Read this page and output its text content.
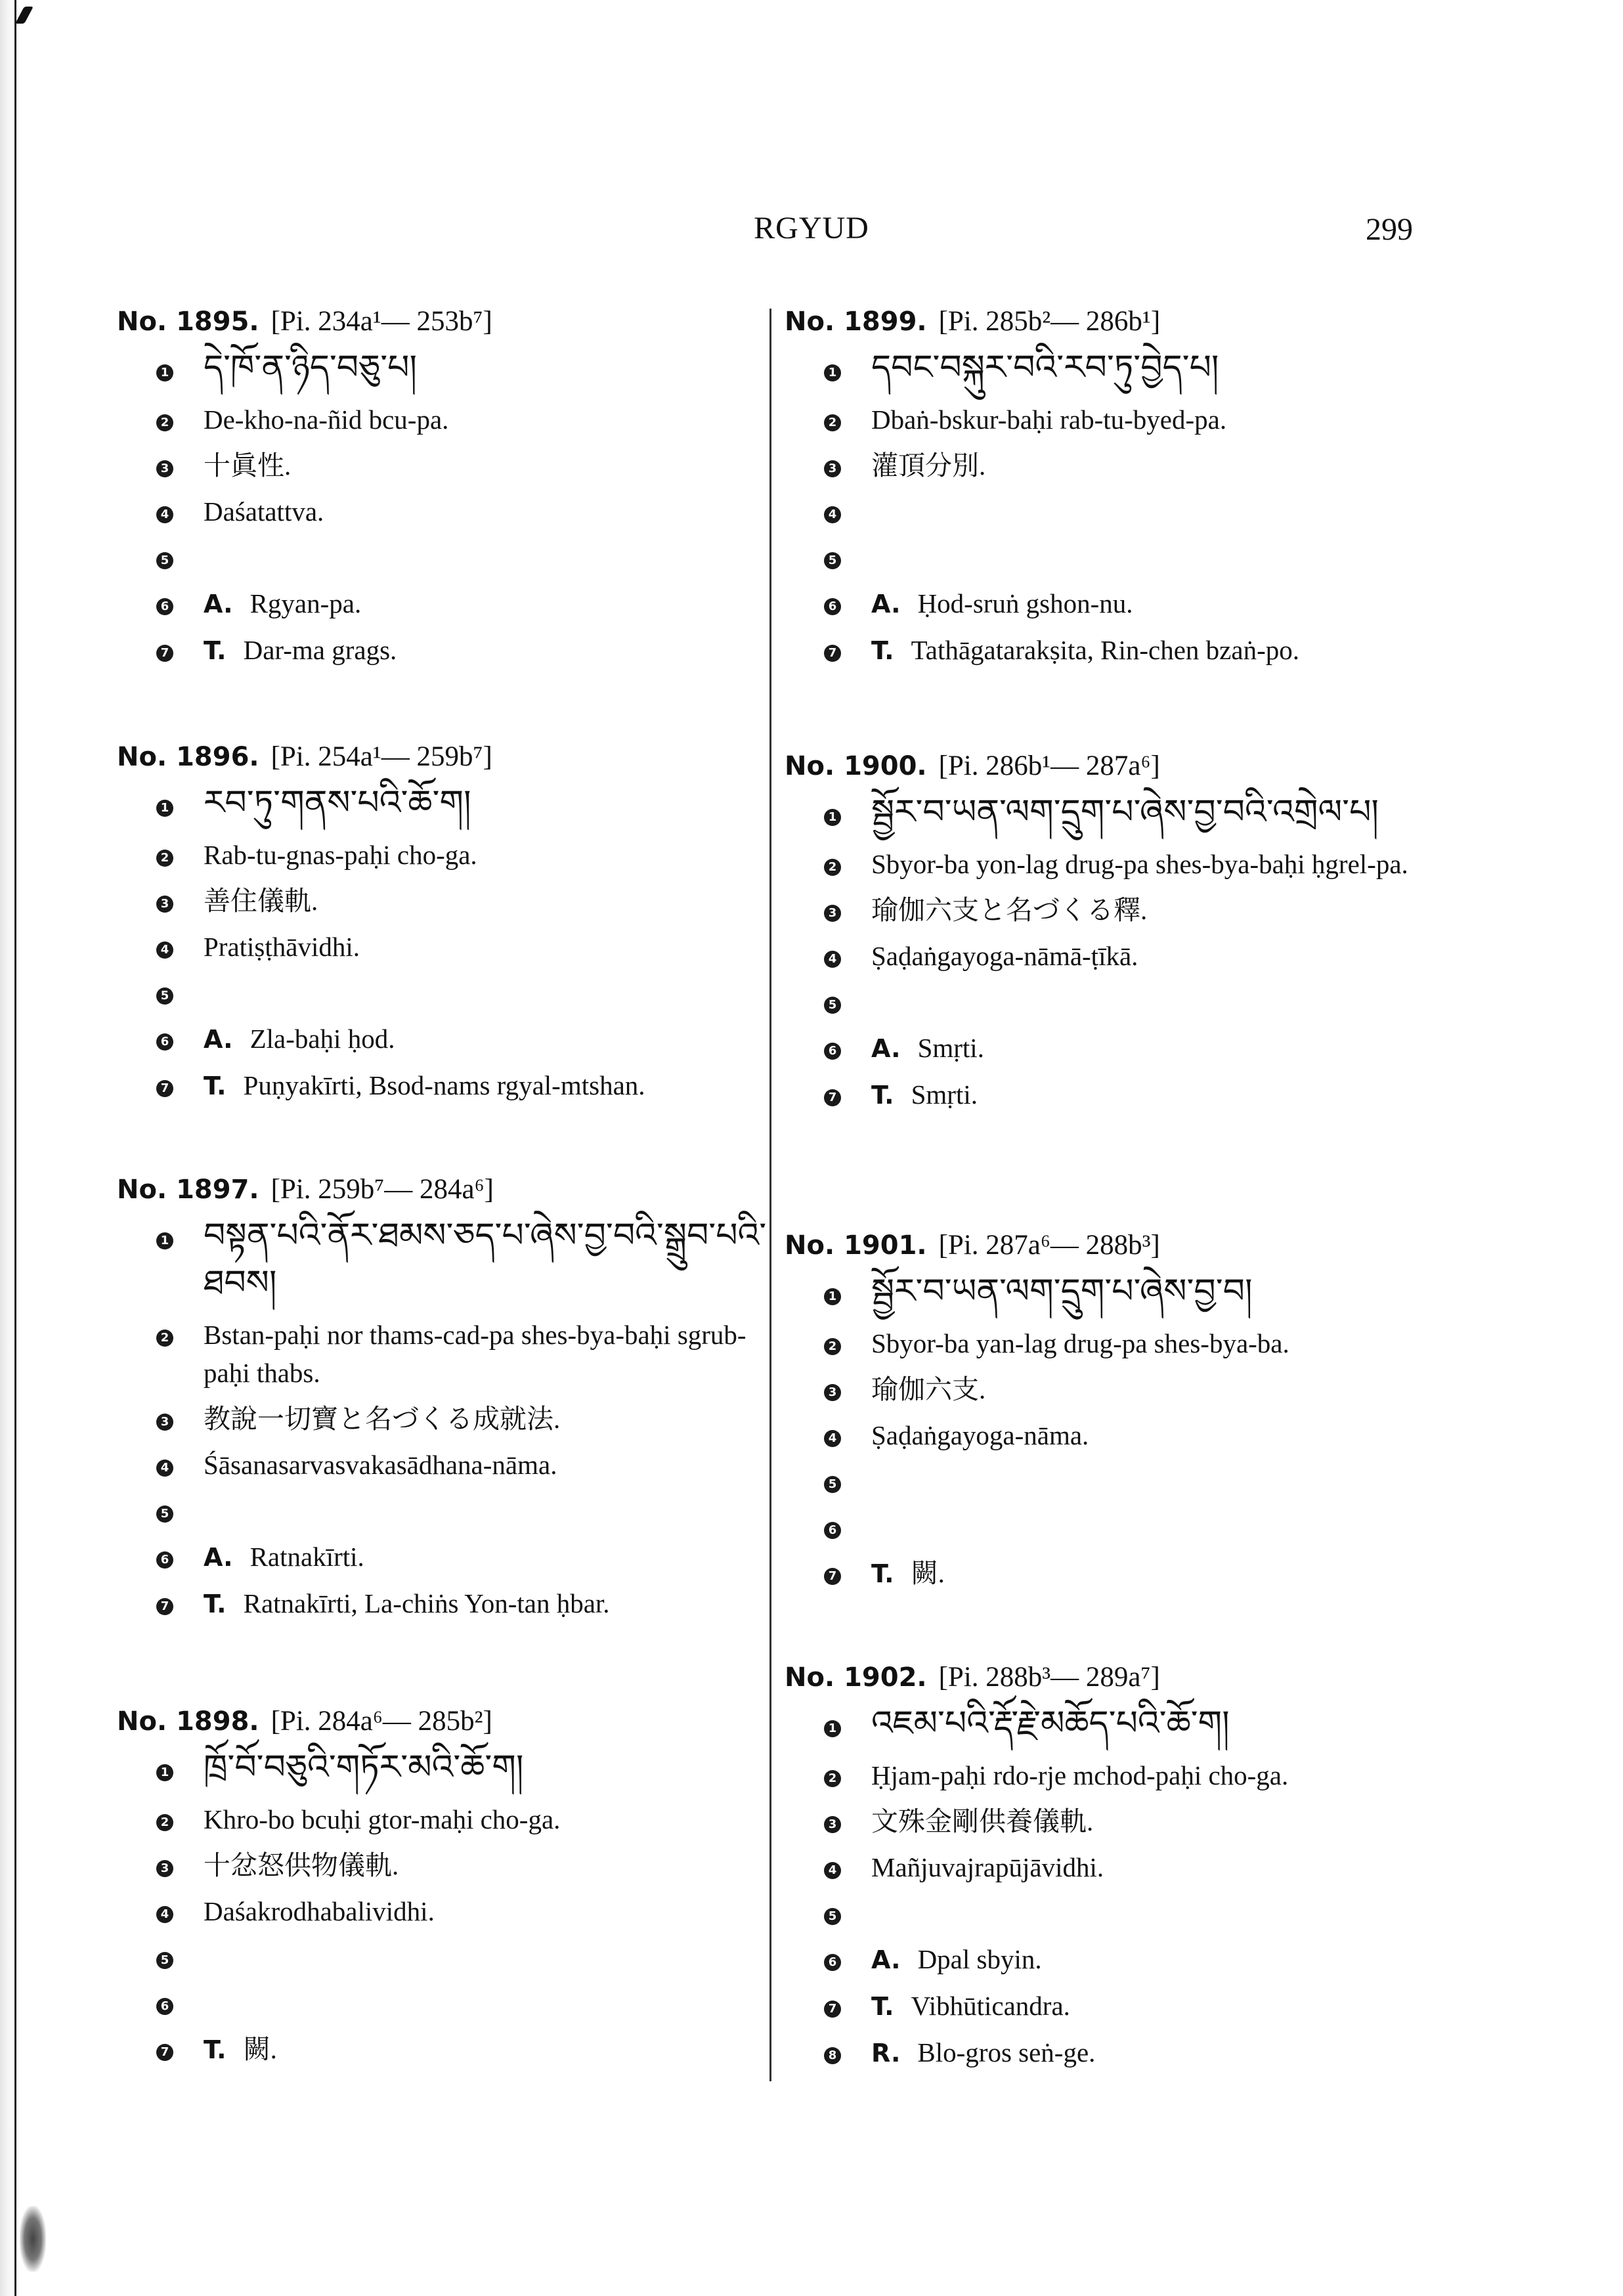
RGYUD	299
No. 1895. [Pi. 234a¹— 253b⁷]
1 དེ་ཁོ་ན་ཉིད་བཅུ་པ།
2 De-kho-na-ñid bcu-pa.
3 十眞性.
4 Daśatattva.
5
6 A. Rgyan-pa.
7 T. Dar-ma grags.
No. 1896. [Pi. 254a¹— 259b⁷]
1 རབ་ཏུ་གནས་པའི་ཆོ་ག།
2 Rab-tu-gnas-paḥi cho-ga.
3 善住儀軌.
4 Pratiṣṭhāvidhi.
5
6 A. Zla-baḥi ḥod.
7 T. Puṇyakīrti, Bsod-nams rgyal-mtshan.
No. 1897. [Pi. 259b⁷— 284a⁶]
1 བསྟན་པའི་ནོར་ཐམས་ཅད་པ་ཞེས་བྱ་བའི་སྒྲུབ་པའི་ཐབས།
2 Bstan-paḥi nor thams-cad-pa shes-bya-baḥi sgrub-paḥi thabs.
3 教說一切寶と名づくる成就法.
4 Śāsanasarvasvakasādhana-nāma.
5
6 A. Ratnakīrti.
7 T. Ratnakīrti, La-chiṅs Yon-tan ḥbar.
No. 1898. [Pi. 284a⁶— 285b²]
1 ཁྲོ་བོ་བཅུའི་གཏོར་མའི་ཆོ་ག།
2 Khro-bo bcuḥi gtor-maḥi cho-ga.
3 十忿怒供物儀軌.
4 Daśakrodhabalividhi.
5
6
7 T. 闕.
No. 1899. [Pi. 285b²— 286b¹]
1 དབང་བསྐུར་བའི་རབ་ཏུ་བྱེད་པ།
2 Dbaṅ-bskur-baḥi rab-tu-byed-pa.
3 灌頂分別.
4
5
6 A. Ḥod-sruṅ gshon-nu.
7 T. Tathāgatarakṣita, Rin-chen bzaṅ-po.
No. 1900. [Pi. 286b¹— 287a⁶]
1 སྦྱོར་བ་ཡན་ལག་དྲུག་པ་ཞེས་བྱ་བའི་འགྲེལ་པ།
2 Sbyor-ba yon-lag drug-pa shes-bya-baḥi ḥgrel-pa.
3 瑜伽六支と名づくる釋.
4 Ṣaḍaṅgayoga-nāmā-ṭīkā.
5
6 A. Smṛti.
7 T. Smṛti.
No. 1901. [Pi. 287a⁶— 288b³]
1 སྦྱོར་བ་ཡན་ལག་དྲུག་པ་ཞེས་བྱ་བ།
2 Sbyor-ba yan-lag drug-pa shes-bya-ba.
3 瑜伽六支.
4 Ṣaḍaṅgayoga-nāma.
5
6
7 T. 闕.
No. 1902. [Pi. 288b³— 289a⁷]
1 འཇམ་པའི་རྡོ་རྗེ་མཆོད་པའི་ཆོ་ག།
2 Ḥjam-paḥi rdo-rje mchod-paḥi cho-ga.
3 文殊金剛供養儀軌.
4 Mañjuvajrapūjāvidhi.
5
6 A. Dpal sbyin.
7 T. Vibhūticandra.
8 R. Blo-gros seṅ-ge.
